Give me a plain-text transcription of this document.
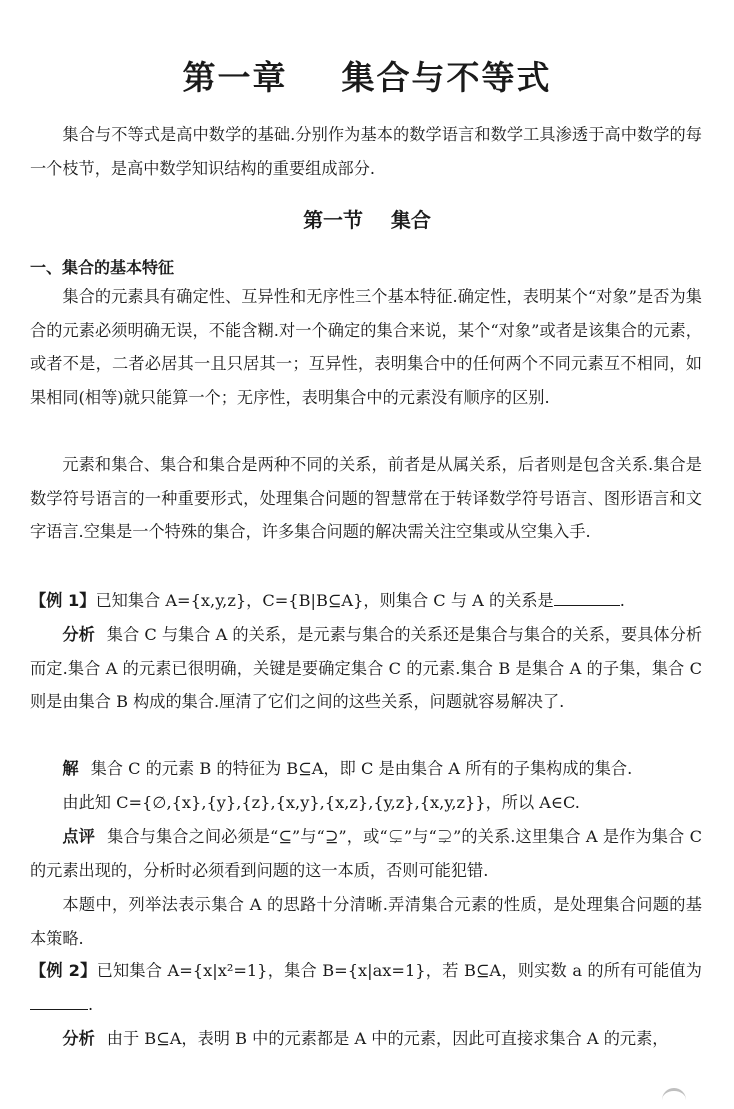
第一章    集合与不等式
集合与不等式是高中数学的基础.分别作为基本的数学语言和数学工具渗透于高中数学的每一个枝节，是高中数学知识结构的重要组成部分.
第一节    集合
一、集合的基本特征
集合的元素具有确定性、互异性和无序性三个基本特征.确定性，表明某个“对象”是否为集合的元素必须明确无误，不能含糊.对一个确定的集合来说，某个“对象”或者是该集合的元素，或者不是，二者必居其一且只居其一；互异性，表明集合中的任何两个不同元素互不相同，如果相同(相等)就只能算一个；无序性，表明集合中的元素没有顺序的区别.
元素和集合、集合和集合是两种不同的关系，前者是从属关系，后者则是包含关系.集合是数学符号语言的一种重要形式，处理集合问题的智慧常在于转译数学符号语言、图形语言和文字语言.空集是一个特殊的集合，许多集合问题的解决需关注空集或从空集入手.
【例 1】已知集合 A={x,y,z}，C={B|B⊆A}，则集合 C 与 A 的关系是	.
分析 集合 C 与集合 A 的关系，是元素与集合的关系还是集合与集合的关系，要具体分析而定.集合 A 的元素已很明确，关键是要确定集合 C 的元素.集合 B 是集合 A 的子集，集合 C 则是由集合 B 构成的集合.厘清了它们之间的这些关系，问题就容易解决了.
解 集合 C 的元素 B 的特征为 B⊆A，即 C 是由集合 A 所有的子集构成的集合.
由此知 C={∅,{x},{y},{z},{x,y},{x,z},{y,z},{x,y,z}}，所以 A∈C.
点评 集合与集合之间必须是“⊆”与“⊇”，或“⊊”与“⊋”的关系.这里集合 A 是作为集合 C 的元素出现的，分析时必须看到问题的这一本质，否则可能犯错.
本题中，列举法表示集合 A 的思路十分清晰.弄清集合元素的性质，是处理集合问题的基本策略.
【例 2】已知集合 A={x|x²=1}，集合 B={x|ax=1}，若 B⊆A，则实数 a 的所有可能值为.
分析 由于 B⊆A，表明 B 中的元素都是 A 中的元素，因此可直接求集合 A 的元素，
